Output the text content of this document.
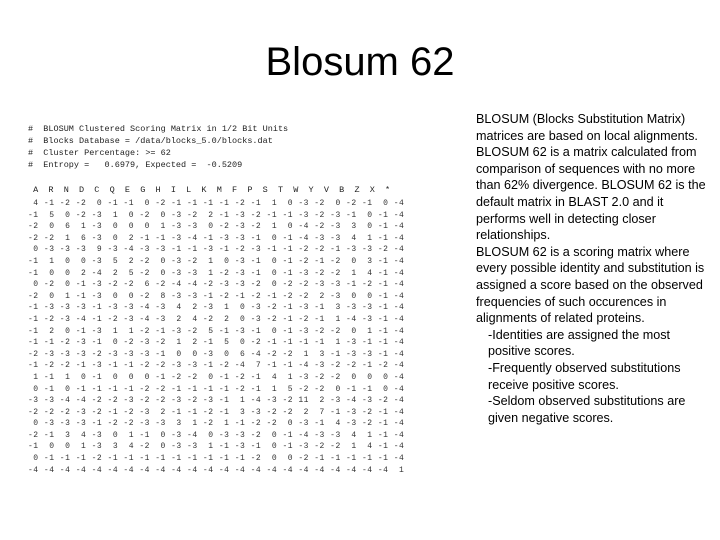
Blosum 62
#  BLOSUM Clustered Scoring Matrix in 1/2 Bit Units
#  Blocks Database = /data/blocks_5.0/blocks.dat
#  Cluster Percentage: >= 62
#  Entropy =   0.6979, Expected =  -0.5209
A  R  N  D  C  Q  E  G  H  I  L  K  M  F  P  S  T  W  Y  V  B  Z  X  *
4 -1 -2 -2  0 -1 -1  0 -2 -1 -1 -1 -1 -2 -1  1  0 -3 -2  0 -2 -1  0 -4
-1  5  0 -2 -3  1  0 -2  0 -3 -2  2 -1 -3 -2 -1 -1 -3 -2 -3 -1  0 -1 -4
-2  0  6  1 -3  0  0  0  1 -3 -3  0 -2 -3 -2  1  0 -4 -2 -3  3  0 -1 -4
-2 -2  1  6 -3  0  2 -1 -1 -3 -4 -1 -3 -3 -1  0 -1 -4 -3 -3  4  1 -1 -4
0 -3 -3 -3  9 -3 -4 -3 -3 -1 -1 -3 -1 -2 -3 -1 -1 -2 -2 -1 -3 -3 -2 -4
-1  1  0  0 -3  5  2 -2  0 -3 -2  1  0 -3 -1  0 -1 -2 -1 -2  0  3 -1 -4
-1  0  0  2 -4  2  5 -2  0 -3 -3  1 -2 -3 -1  0 -1 -3 -2 -2  1  4 -1 -4
0 -2  0 -1 -3 -2 -2  6 -2 -4 -4 -2 -3 -3 -2  0 -2 -2 -3 -3 -1 -2 -1 -4
-2  0  1 -1 -3  0  0 -2  8 -3 -3 -1 -2 -1 -2 -1 -2 -2  2 -3  0  0 -1 -4
-1 -3 -3 -3 -1 -3 -3 -4 -3  4  2 -3  1  0 -3 -2 -1 -3 -1  3 -3 -3 -1 -4
-1 -2 -3 -4 -1 -2 -3 -4 -3  2  4 -2  2  0 -3 -2 -1 -2 -1  1 -4 -3 -1 -4
-1  2  0 -1 -3  1  1 -2 -1 -3 -2  5 -1 -3 -1  0 -1 -3 -2 -2  0  1 -1 -4
-1 -1 -2 -3 -1  0 -2 -3 -2  1  2 -1  5  0 -2 -1 -1 -1 -1  1 -3 -1 -1 -4
-2 -3 -3 -3 -2 -3 -3 -3 -1  0  0 -3  0  6 -4 -2 -2  1  3 -1 -3 -3 -1 -4
-1 -2 -2 -1 -3 -1 -1 -2 -2 -3 -3 -1 -2 -4  7 -1 -1 -4 -3 -2 -2 -1 -2 -4
1 -1  1  0 -1  0  0  0 -1 -2 -2  0 -1 -2 -1  4  1 -3 -2 -2  0  0  0 -4
0 -1  0 -1 -1 -1 -1 -2 -2 -1 -1 -1 -1 -2 -1  1  5 -2 -2  0 -1 -1  0 -4
-3 -3 -4 -4 -2 -2 -3 -2 -2 -3 -2 -3 -1  1 -4 -3 -2 11  2 -3 -4 -3 -2 -4
-2 -2 -2 -3 -2 -1 -2 -3  2 -1 -1 -2 -1  3 -3 -2 -2  2  7 -1 -3 -2 -1 -4
0 -3 -3 -3 -1 -2 -2 -3 -3  3  1 -2  1 -1 -2 -2  0 -3 -1  4 -3 -2 -1 -4
-2 -1  3  4 -3  0  1 -1  0 -3 -4  0 -3 -3 -2  0 -1 -4 -3 -3  4  1 -1 -4
-1  0  0  1 -3  3  4 -2  0 -3 -3  1 -1 -3 -1  0 -1 -3 -2 -2  1  4 -1 -4
0 -1 -1 -1 -2 -1 -1 -1 -1 -1 -1 -1 -1 -1 -2  0  0 -2 -1 -1 -1 -1 -1 -4
-4 -4 -4 -4 -4 -4 -4 -4 -4 -4 -4 -4 -4 -4 -4 -4 -4 -4 -4 -4 -4 -4 -4  1

BLOSUM (Blocks Substitution Matrix) matrices are based on local alignments. BLOSUM 62 is a matrix calculated from comparison of sequences with no more than 62% divergence. BLOSUM 62 is the default matrix in BLAST 2.0 and it performs well in detecting closer relationships.

BLOSUM 62 is a scoring matrix where every possible identity and substitution is assigned a score based on the observed frequencies of such occurences in alignments of related proteins.

-Identities are assigned the most positive scores.

-Frequently observed substitutions receive positive scores.

-Seldom observed substitutions are given negative scores.
